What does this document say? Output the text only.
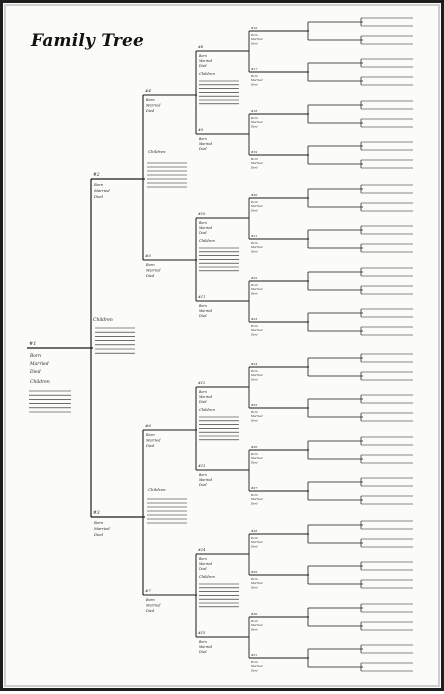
Family Tree
#1
Born
Married
Died
Children
#2
Born
Married
Died
#3
Born
Married
Died
Children
#4
Born
Married
Died
#5
Born
Married
Died
#6
Born
Married
Died
#7
Born
Married
Died
Children
Children
#8
Born
Married
Died
#9
Born
Married
Died
#10
Born
Married
Died
#11
Born
Married
Died
#12
Born
Married
Died
#13
Born
Married
Died
#14
Born
Married
Died
#15
Born
Married
Died
Children
Children
Children
Children
#16
Born
Married
Died
#17
Born
Married
Died
#18
Born
Married
Died
#19
Born
Married
Died
#20
Born
Married
Died
#21
Born
Married
Died
#22
Born
Married
Died
#23
Born
Married
Died
#24
Born
Married
Died
#25
Born
Married
Died
#26
Born
Married
Died
#27
Born
Married
Died
#28
Born
Married
Died
#29
Born
Married
Died
#30
Born
Married
Died
#31
Born
Married
Died
